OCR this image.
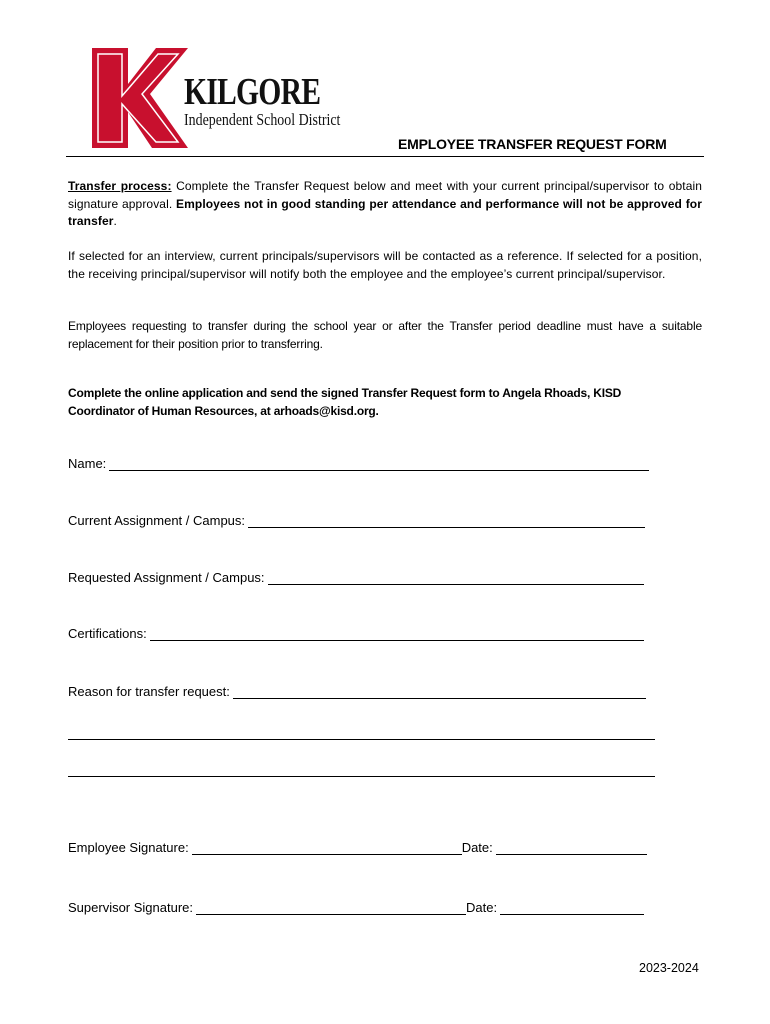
KILGORE
Independent School District
EMPLOYEE TRANSFER REQUEST FORM
Transfer process: Complete the Transfer Request below and meet with your current principal/supervisor to obtain signature approval. Employees not in good standing per attendance and performance will not be approved for transfer.
If selected for an interview, current principals/supervisors will be contacted as a reference. If selected for a position, the receiving principal/supervisor will notify both the employee and the employee’s current principal/supervisor.
Employees requesting to transfer during the school year or after the Transfer period deadline must have a suitable replacement for their position prior to transferring.
Complete the online application and send the signed Transfer Request form to Angela Rhoads, KISD Coordinator of Human Resources, at arhoads@kisd.org.
Name:
Current Assignment / Campus:
Requested Assignment / Campus:
Certifications:
Reason for transfer request:
Employee Signature:	Date:
Supervisor Signature:	Date:
2023-2024
